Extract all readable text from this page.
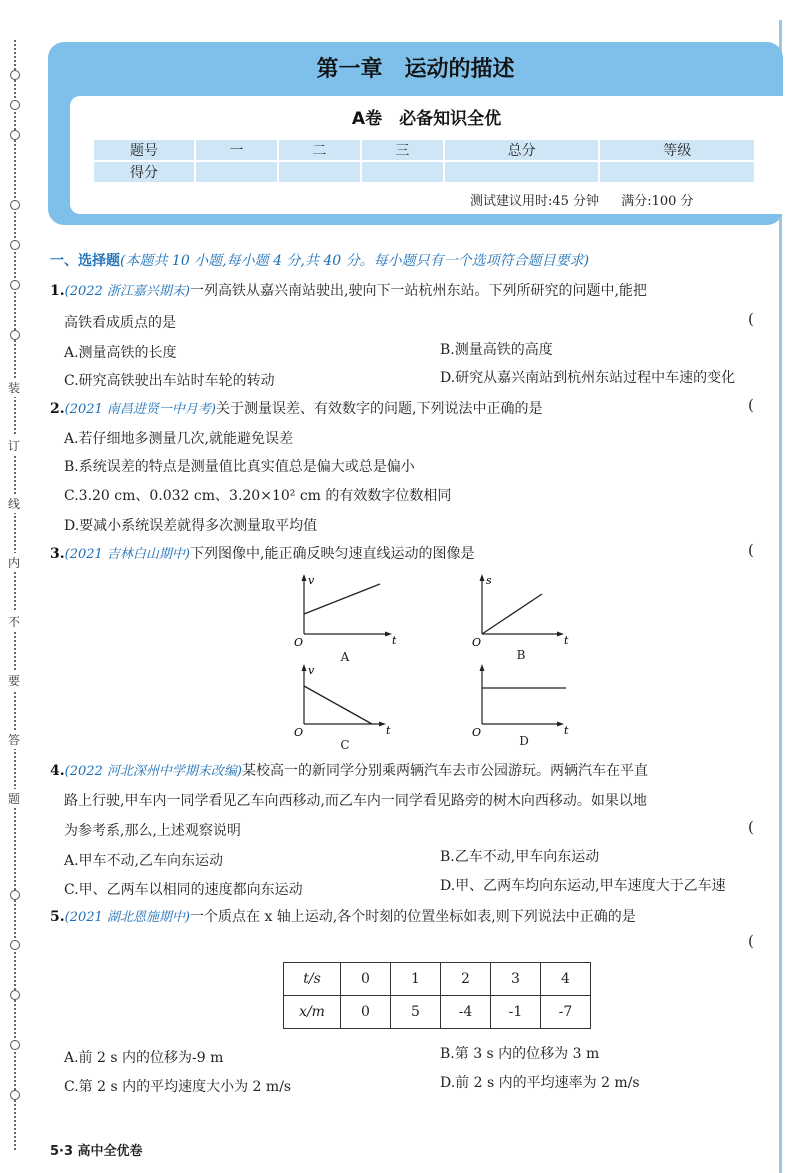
装
订
线
内
不
要
答
题
第一章　运动的描述
A卷　必备知识全优
题号	一	二	三	总分	等级
得分					
测试建议用时:45 分钟 满分:100 分
一、选择题(本题共 10 小题,每小题 4 分,共 40 分。每小题只有一个选项符合题目要求)
1.(2022 浙江嘉兴期末)一列高铁从嘉兴南站驶出,驶向下一站杭州东站。下列所研究的问题中,能把
高铁看成质点的是	(
A.测量高铁的长度	B.测量高铁的高度
C.研究高铁驶出车站时车轮的转动	D.研究从嘉兴南站到杭州东站过程中车速的变化
2.(2021 南昌进贤一中月考)关于测量误差、有效数字的问题,下列说法中正确的是	(
A.若仔细地多测量几次,就能避免误差
B.系统误差的特点是测量值比真实值总是偏大或总是偏小
C.3.20 cm、0.032 cm、3.20×10² cm 的有效数字位数相同
D.要减小系统误差就得多次测量取平均值
3.(2021 吉林白山期中)下列图像中,能正确反映匀速直线运动的图像是	(
v
t
O
A
s
t
O
B
v
t
O
C
t
O
D
4.(2022 河北深州中学期末改编)某校高一的新同学分别乘两辆汽车去市公园游玩。两辆汽车在平直
路上行驶,甲车内一同学看见乙车向西移动,而乙车内一同学看见路旁的树木向西移动。如果以地
为参考系,那么,上述观察说明	(
A.甲车不动,乙车向东运动	B.乙车不动,甲车向东运动
C.甲、乙两车以相同的速度都向东运动	D.甲、乙两车均向东运动,甲车速度大于乙车速
5.(2021 湖北恩施期中)一个质点在 x 轴上运动,各个时刻的位置坐标如表,则下列说法中正确的是
(
t/s	0	1	2	3	4
x/m	0	5	-4	-1	-7
A.前 2 s 内的位移为-9 m	B.第 3 s 内的位移为 3 m
C.第 2 s 内的平均速度大小为 2 m/s	D.前 2 s 内的平均速率为 2 m/s
5·3 高中全优卷
